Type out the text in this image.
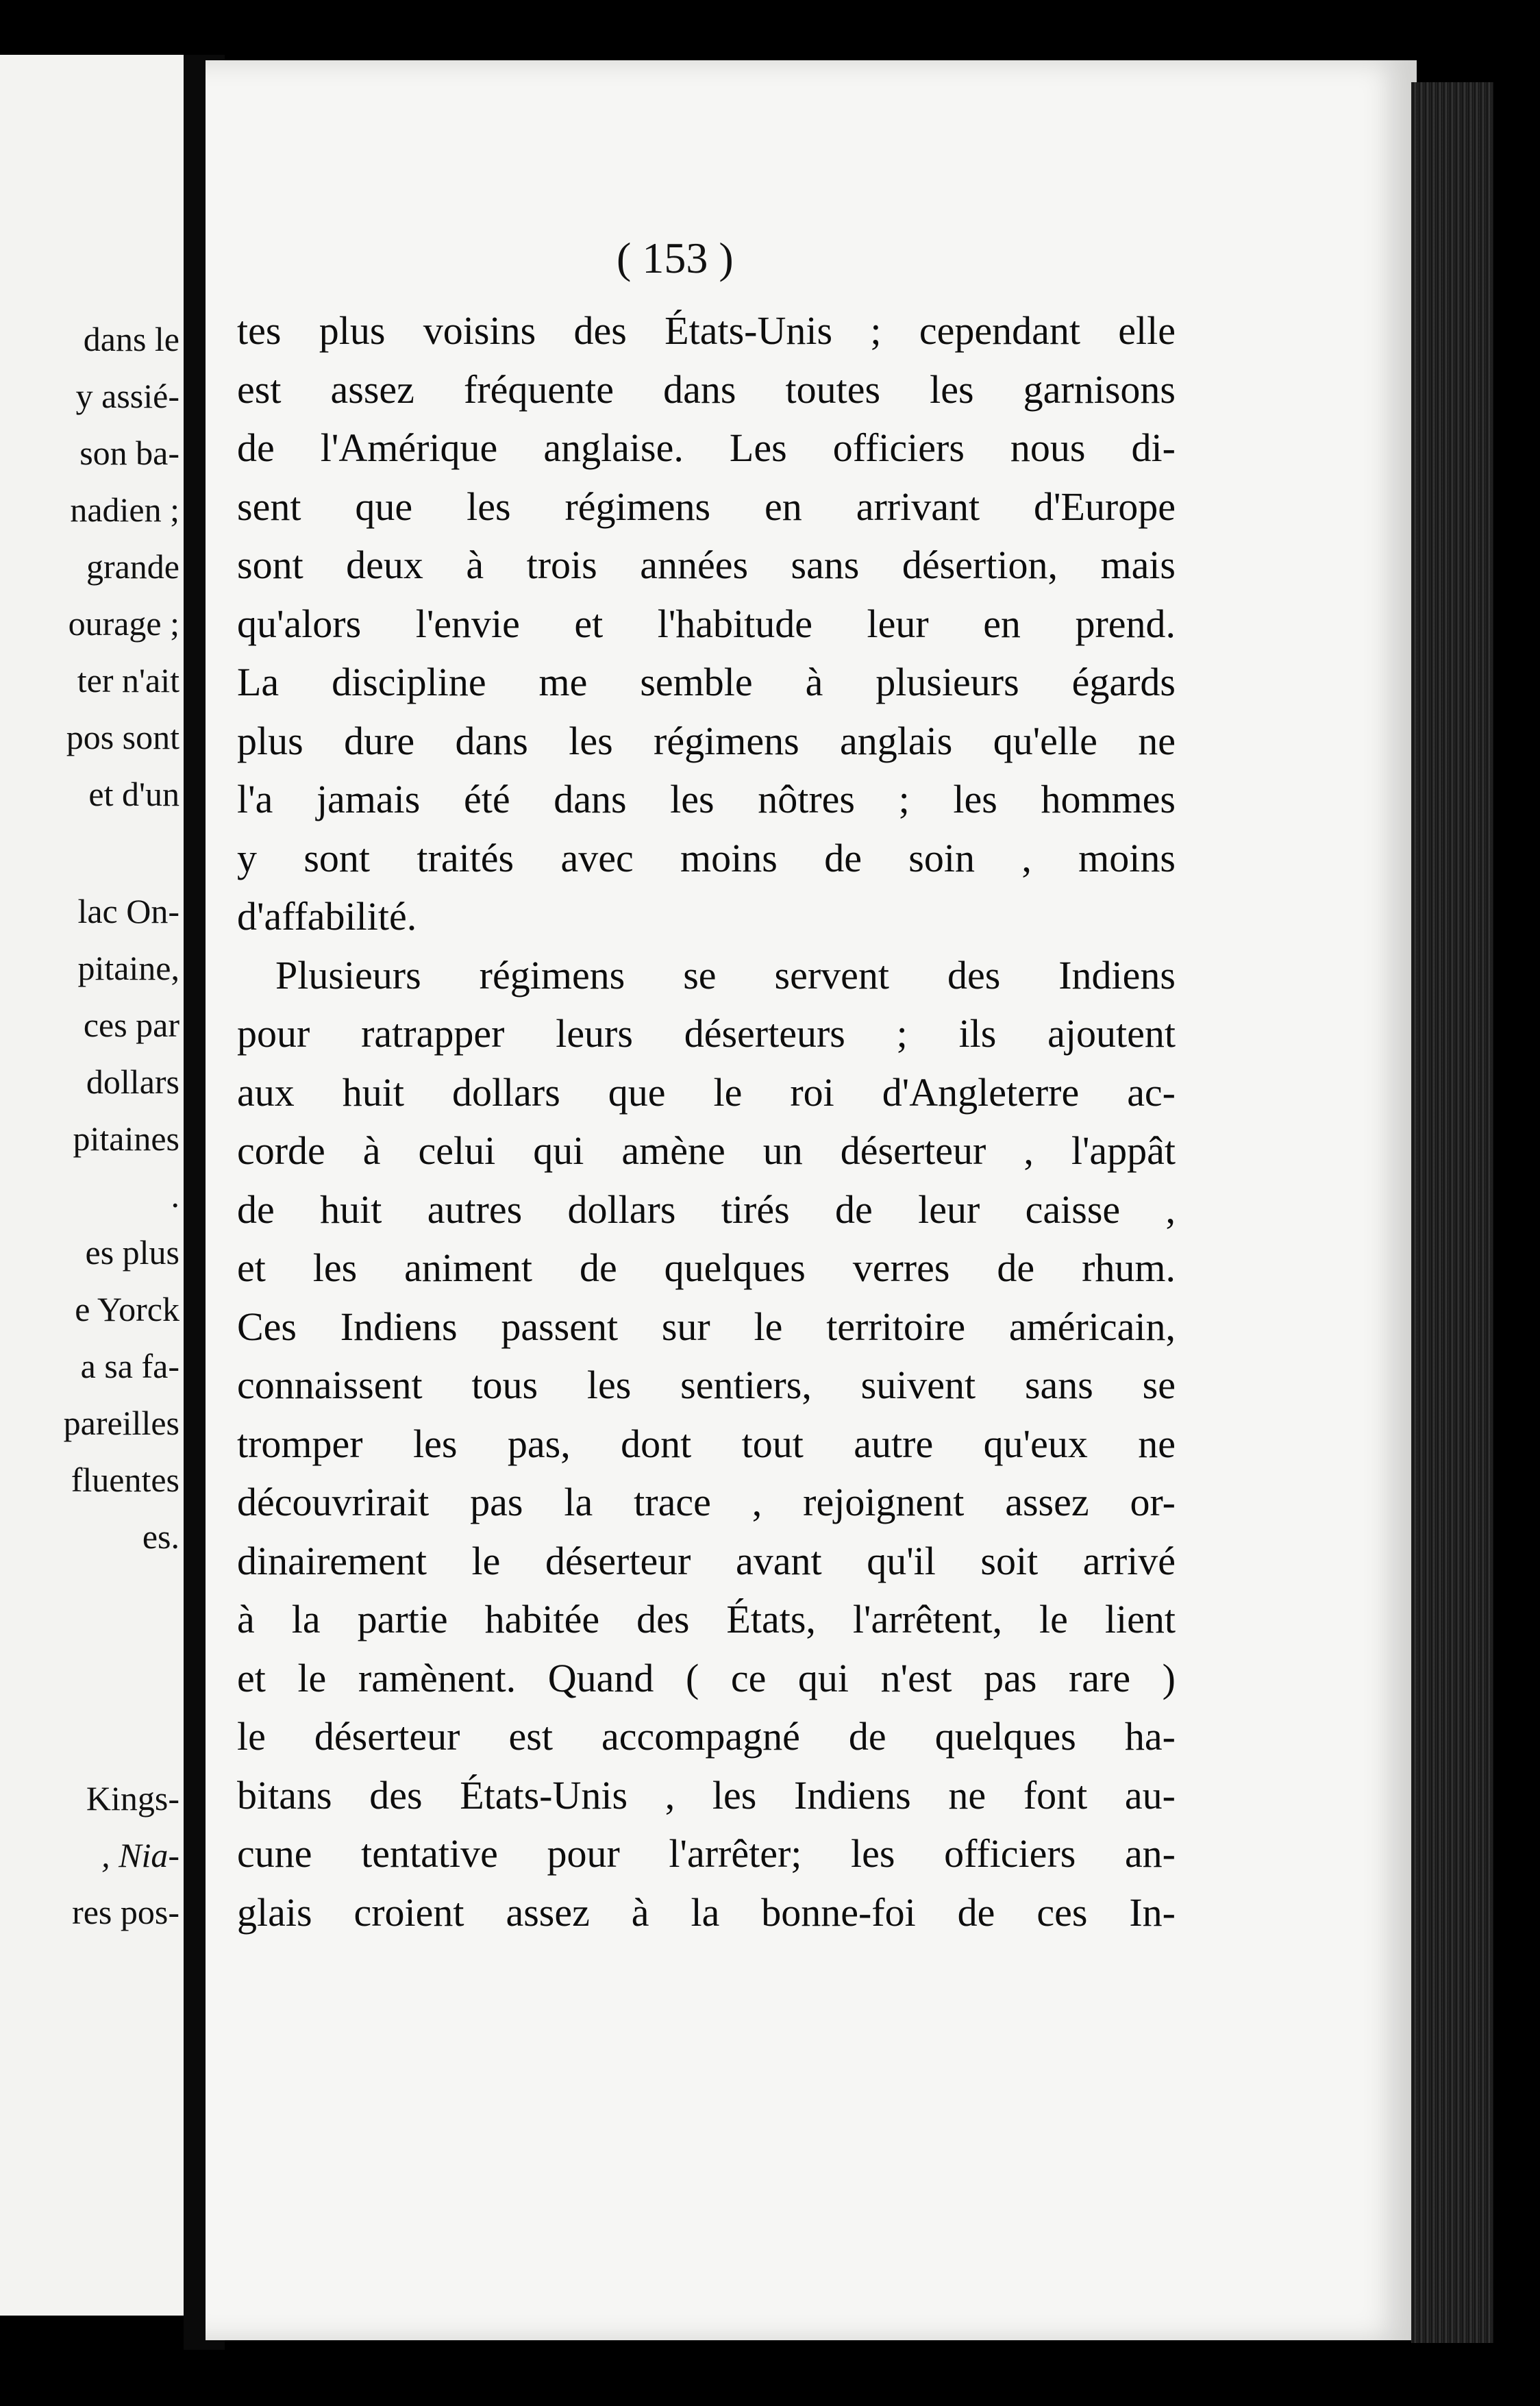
dans le
y assié-
son ba-
nadien ;
grande
ourage ;
ter n'ait
pos sont
et d'un
lac On-
pitaine,
ces par
dollars
pitaines
.
es plus
e Yorck
a sa fa-
pareilles
fluentes
es.
Kings-
, Nia-
res pos-
( 153 )
tes plus voisins des États-Unis ; cependant elle
est assez fréquente dans toutes les garnisons
de l'Amérique anglaise. Les officiers nous di-
sent que les régimens en arrivant d'Europe
sont deux à trois années sans désertion, mais
qu'alors l'envie et l'habitude leur en prend.
La discipline me semble à plusieurs égards
plus dure dans les régimens anglais qu'elle ne
l'a jamais été dans les nôtres ; les hommes
y sont traités avec moins de soin , moins
d'affabilité.
Plusieurs régimens se servent des Indiens
pour ratrapper leurs déserteurs ; ils ajoutent
aux huit dollars que le roi d'Angleterre ac-
corde à celui qui amène un déserteur , l'appât
de huit autres dollars tirés de leur caisse ,
et les animent de quelques verres de rhum.
Ces Indiens passent sur le territoire américain,
connaissent tous les sentiers, suivent sans se
tromper les pas, dont tout autre qu'eux ne
découvrirait pas la trace , rejoignent assez or-
dinairement le déserteur avant qu'il soit arrivé
à la partie habitée des États, l'arrêtent, le lient
et le ramènent. Quand ( ce qui n'est pas rare )
le déserteur est accompagné de quelques ha-
bitans des États-Unis , les Indiens ne font au-
cune tentative pour l'arrêter; les officiers an-
glais croient assez à la bonne-foi de ces In-
